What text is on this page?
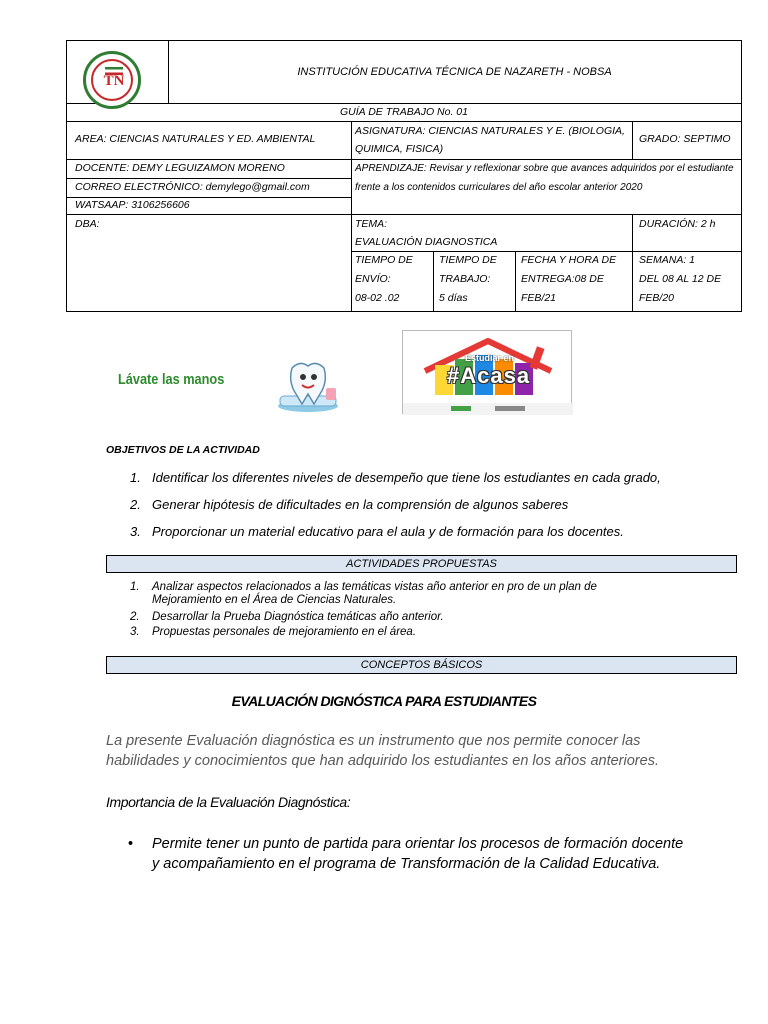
TN
INSTITUCIÓN EDUCATIVA TÉCNICA DE NAZARETH - NOBSA
GUÍA DE TRABAJO No. 01
AREA: CIENCIAS NATURALES Y ED. AMBIENTAL
ASIGNATURA: CIENCIAS NATURALES Y E. (BIOLOGIA,
QUIMICA, FISICA)
GRADO: SEPTIMO
DOCENTE: DEMY LEGUIZAMON MORENO
CORREO ELECTRÓNICO: demylego@gmail.com
WATSAAP: 3106256606
APRENDIZAJE: Revisar y reflexionar sobre que avances adquiridos por el estudiante
frente a los contenidos curriculares del año escolar anterior 2020
DBA:	TEMA:
EVALUACIÓN DIAGNOSTICA
DURACIÓN: 2 h
TIEMPO DE
ENVÍO:
08-02 .02
TIEMPO DE
TRABAJO:
5 días
FECHA Y HORA DE
ENTREGA:08 DE
FEB/21
SEMANA: 1
DEL 08 AL 12 DE
FEB/20
Lávate las manos
Estudiar en
#Acasa
OBJETIVOS DE LA ACTIVIDAD
1. Identificar los diferentes niveles de desempeño que tiene los estudiantes en cada grado,
2. Generar hipótesis de dificultades en la comprensión de algunos saberes
3. Proporcionar un material educativo para el aula y de formación para los docentes.
ACTIVIDADES PROPUESTAS
1. Analizar aspectos relacionados a las temáticas vistas año anterior en pro de un plan de
Mejoramiento en el Área de Ciencias Naturales.
2. Desarrollar la Prueba Diagnóstica temáticas año anterior.
3. Propuestas personales de mejoramiento en el área.
CONCEPTOS BÁSICOS
EVALUACIÓN DIGNÓSTICA PARA ESTUDIANTES
La presente Evaluación diagnóstica es un instrumento que nos permite conocer las
habilidades y conocimientos que han adquirido los estudiantes en los años anteriores.
Importancia de la Evaluación Diagnóstica:
• Permite tener un punto de partida para orientar los procesos de formación docente
y acompañamiento en el programa de Transformación de la Calidad Educativa.
